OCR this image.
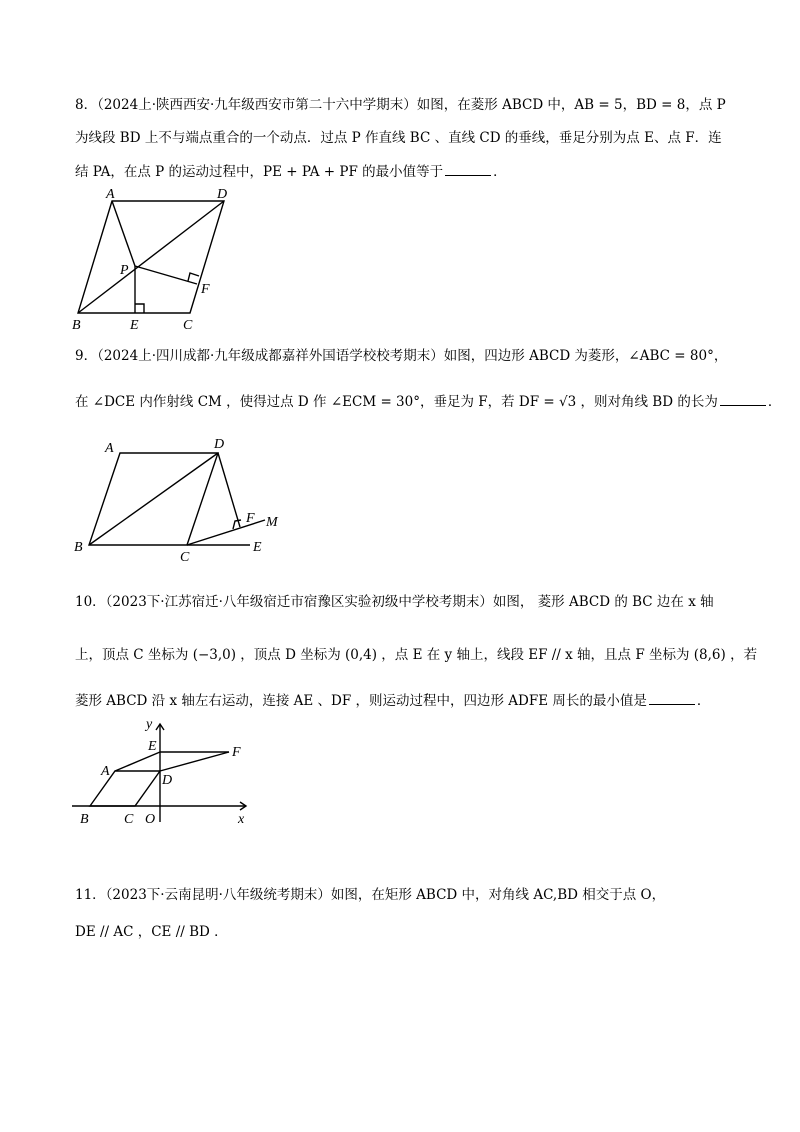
8．（2024上·陕西西安·九年级西安市第二十六中学期末）如图，在菱形 ABCD 中，AB = 5，BD = 8，点 P
为线段 BD 上不与端点重合的一个动点．过点 P 作直线 BC 、直线 CD 的垂线，垂足分别为点 E、点 F．连
结 PA，在点 P 的运动过程中，PE + PA + PF 的最小值等于	．
A	D
P
F
B	E	C
9．（2024上·四川成都·九年级成都嘉祥外国语学校校考期末）如图，四边形 ABCD 为菱形，∠ABC = 80°，
在 ∠DCE 内作射线 CM ，使得过点 D 作 ∠ECM = 30°，垂足为 F，若 DF = √3 ，则对角线 BD 的长为	．
A	D
F M
B
C
E
10．（2023下·江苏宿迁·八年级宿迁市宿豫区实验初级中学校考期末）如图， 菱形 ABCD 的 BC 边在 x 轴
上，顶点 C 坐标为 (−3,0) ，顶点 D 坐标为 (0,4) ，点 E 在 y 轴上，线段 EF // x 轴，且点 F 坐标为 (8,6) ，若
菱形 ABCD 沿 x 轴左右运动，连接 AE 、DF ，则运动过程中，四边形 ADFE 周长的最小值是	．
y
E	F
A
D
B	C O	x
11．（2023下·云南昆明·八年级统考期末）如图，在矩形 ABCD 中，对角线 AC,BD 相交于点 O，
DE // AC ，CE // BD ．
